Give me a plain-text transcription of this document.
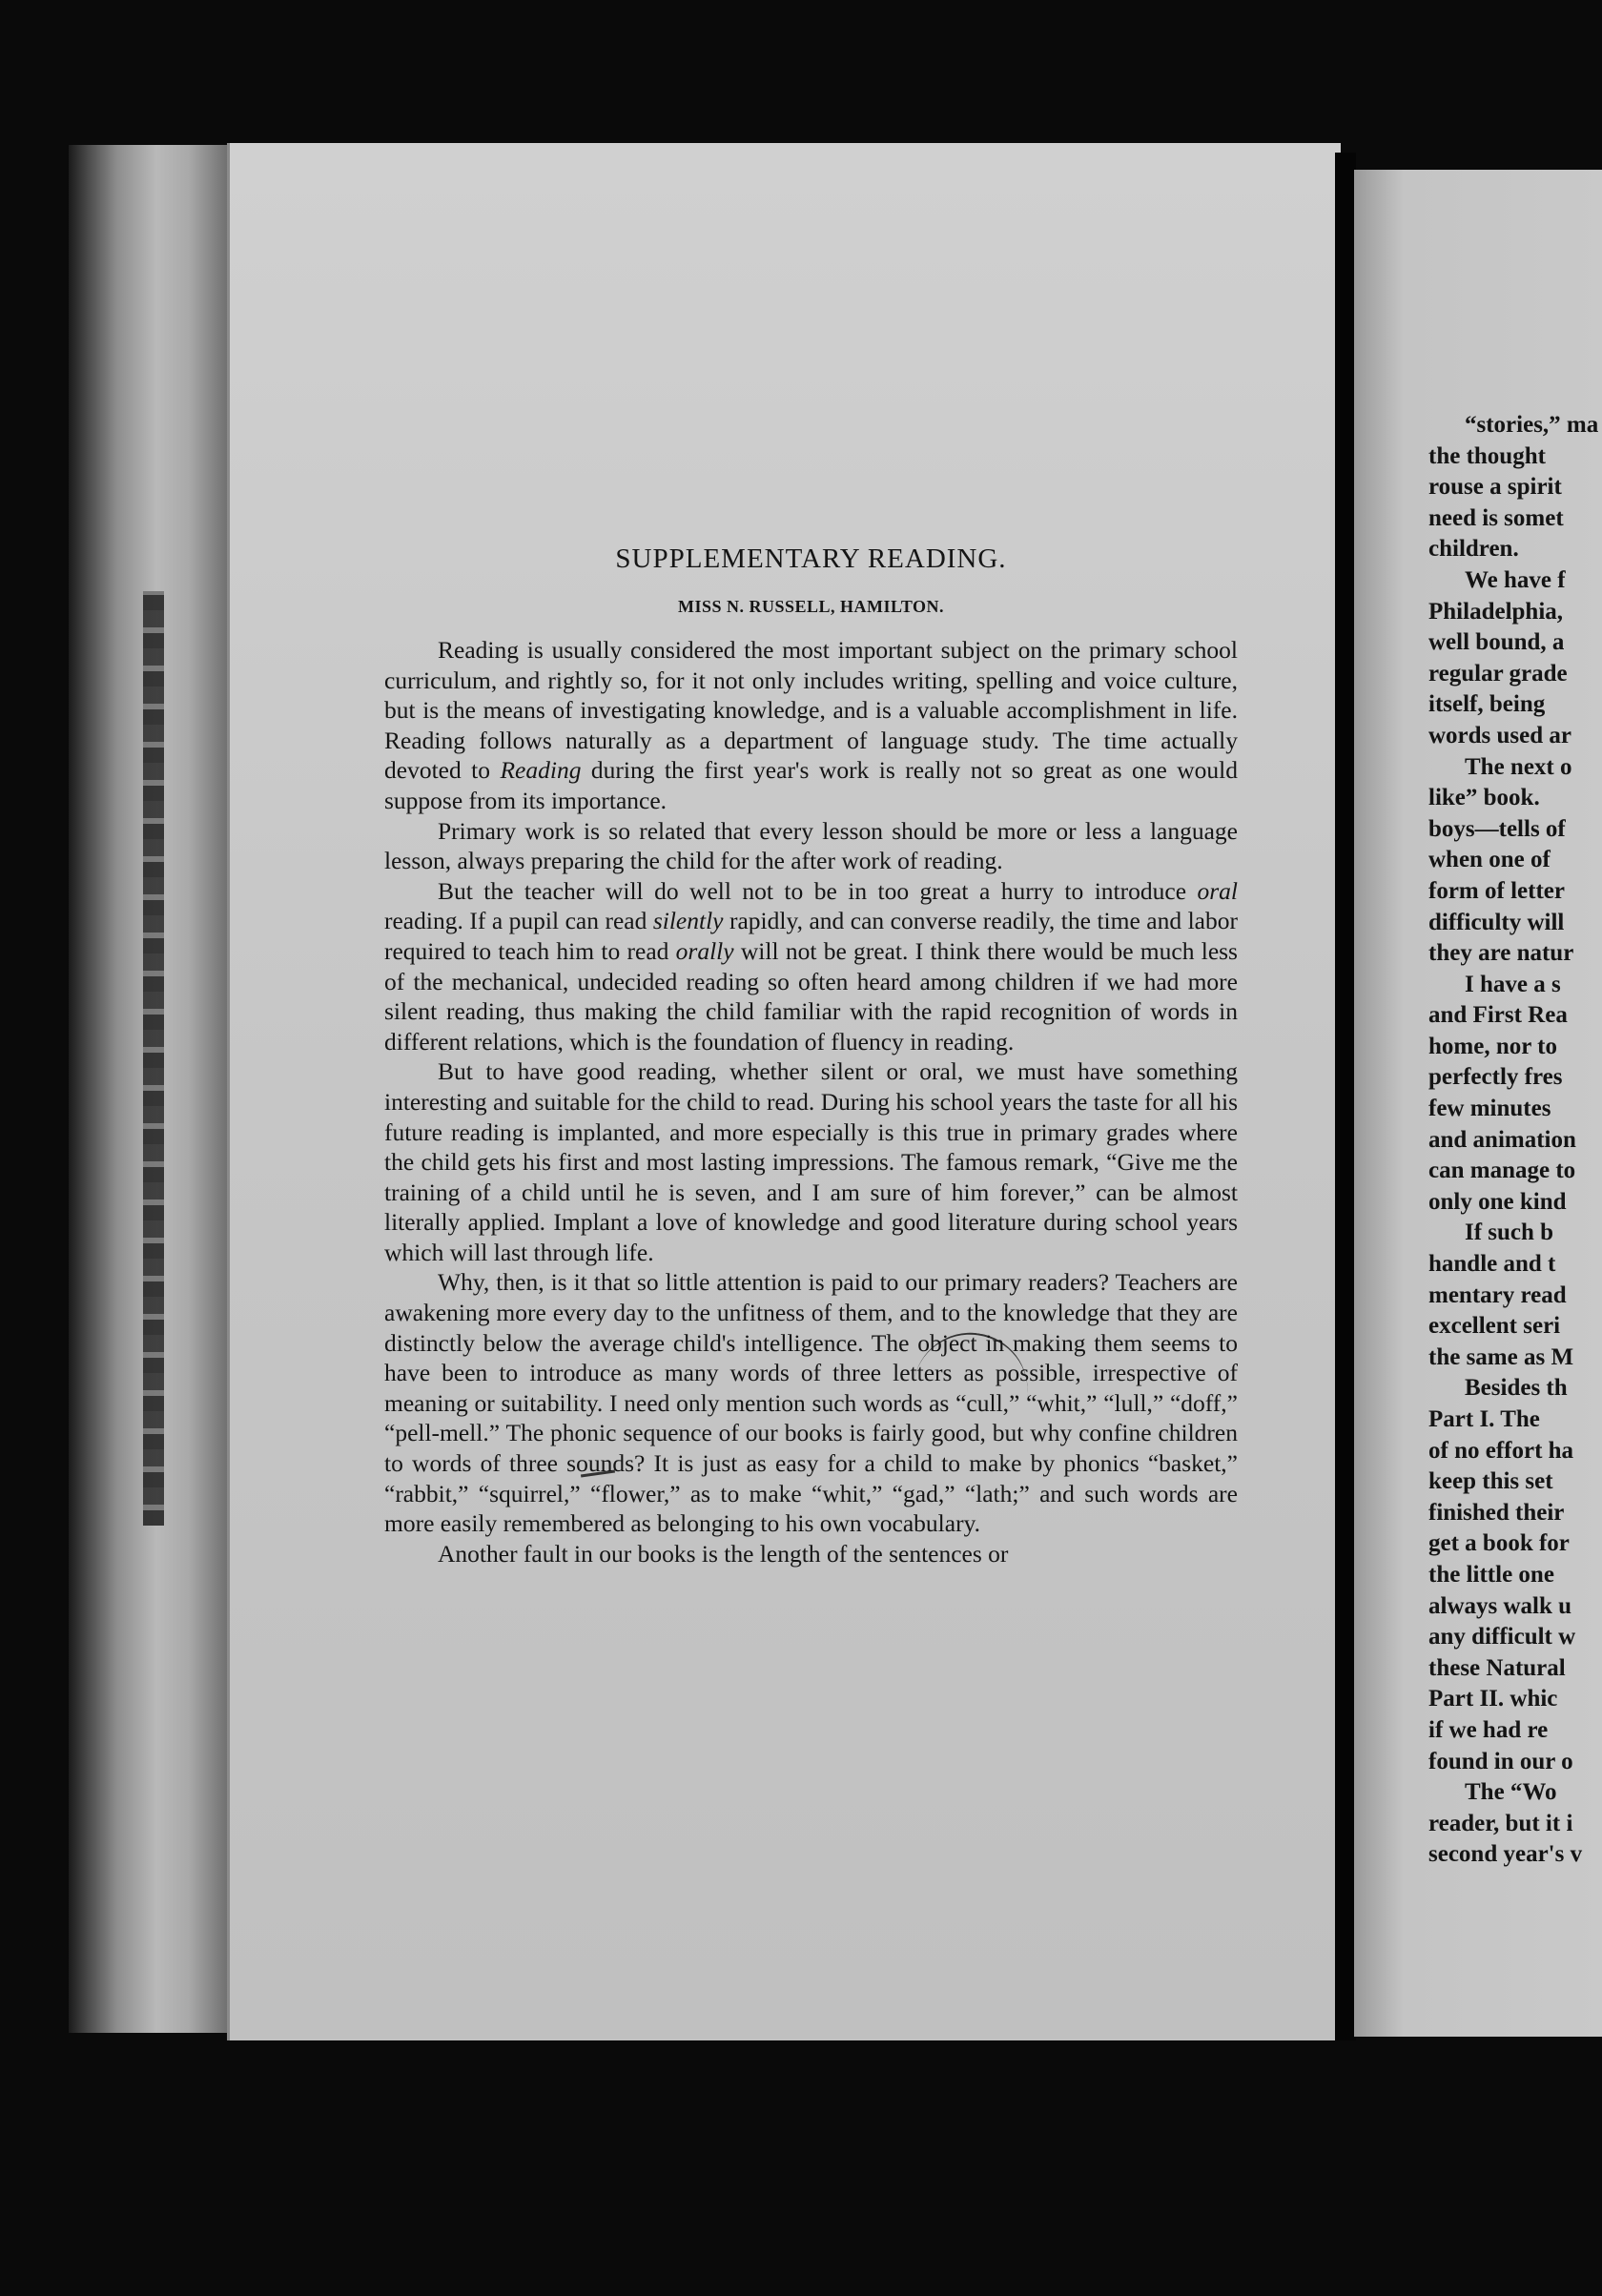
SUPPLEMENTARY READING.
MISS N. RUSSELL, HAMILTON.

Reading is usually considered the most important subject on the primary school curriculum, and rightly so, for it not only includes writing, spelling and voice culture, but is the means of investigating knowledge, and is a valuable accomplishment in life. Reading follows naturally as a department of language study. The time actually devoted to Reading during the first year's work is really not so great as one would suppose from its importance.

Primary work is so related that every lesson should be more or less a language lesson, always preparing the child for the after work of reading.

But the teacher will do well not to be in too great a hurry to introduce oral reading. If a pupil can read silently rapidly, and can converse readily, the time and labor required to teach him to read orally will not be great. I think there would be much less of the mechanical, undecided reading so often heard among children if we had more silent reading, thus making the child familiar with the rapid recognition of words in different relations, which is the foundation of fluency in reading.

But to have good reading, whether silent or oral, we must have something interesting and suitable for the child to read. During his school years the taste for all his future reading is implanted, and more especially is this true in primary grades where the child gets his first and most lasting impressions. The famous remark, “Give me the training of a child until he is seven, and I am sure of him forever,” can be almost literally applied. Implant a love of knowledge and good literature during school years which will last through life.

Why, then, is it that so little attention is paid to our primary readers? Teachers are awakening more every day to the unfitness of them, and to the knowledge that they are distinctly below the average child's intelligence. The object in making them seems to have been to introduce as many words of three letters as possible, irrespective of meaning or suitability. I need only mention such words as “cull,” “whit,” “lull,” “doff,” “pell-mell.” The phonic sequence of our books is fairly good, but why confine children to words of three sounds? It is just as easy for a child to make by phonics “basket,” “rabbit,” “squirrel,” “flower,” as to make “whit,” “gad,” “lath;” and such words are more easily remembered as belonging to his own vocabulary.

Another fault in our books is the length of the sentences or

“stories,” ma
the thought
rouse a spirit
need is somet
children.
We have f
Philadelphia,
well bound, a
regular grade
itself, being
words used ar
The next o
like” book.
boys—tells of
when one of
form of letter
difficulty will
they are natur
I have a s
and First Rea
home, nor to
perfectly fres
few minutes
and animation
can manage to
only one kind
If such b
handle and t
mentary read
excellent seri
the same as M
Besides th
Part I. The
of no effort ha
keep this set
finished their
get a book for
the little one
always walk u
any difficult w
these Natural
Part II. whic
if we had re
found in our o
The “Wo
reader, but it i
second year's v
